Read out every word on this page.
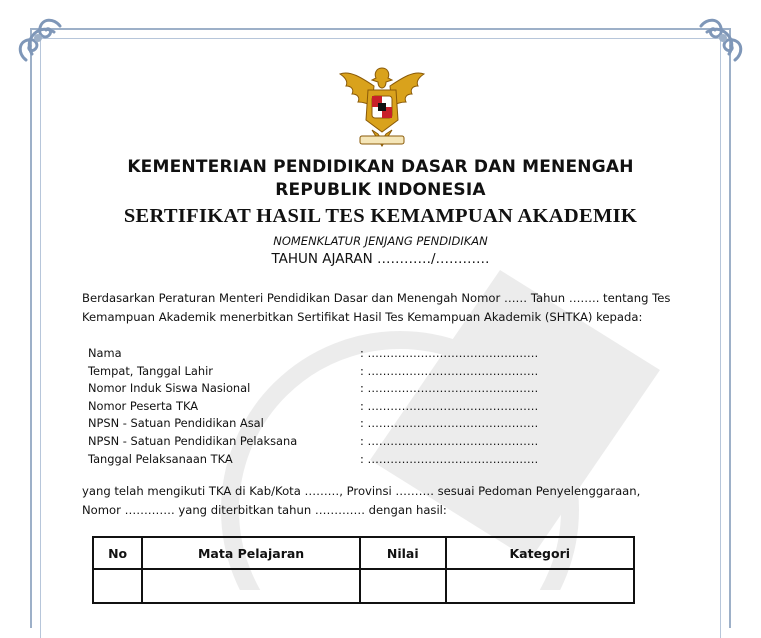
KEMENTERIAN PENDIDIKAN DASAR DAN MENENGAH
REPUBLIK INDONESIA
SERTIFIKAT HASIL TES KEMAMPUAN AKADEMIK
NOMENKLATUR JENJANG PENDIDIKAN
TAHUN AJARAN …………/…………
Berdasarkan Peraturan Menteri Pendidikan Dasar dan Menengah Nomor …… Tahun …….. tentang Tes
Kemampuan Akademik menerbitkan Sertifikat Hasil Tes Kemampuan Akademik (SHTKA) kepada:
Nama	: ………………………………………
Tempat, Tanggal Lahir	: ………………………………………
Nomor Induk Siswa Nasional	: ………………………………………
Nomor Peserta TKA	: ………………………………………
NPSN - Satuan Pendidikan Asal	: ………………………………………
NPSN - Satuan Pendidikan Pelaksana	: ………………………………………
Tanggal Pelaksanaan TKA	: ………………………………………
yang telah mengikuti TKA di Kab/Kota ………, Provinsi ………. sesuai Pedoman Penyelenggaraan,
Nomor …………. yang diterbitkan tahun …………. dengan hasil:
No	Mata Pelajaran	Nilai	Kategori
